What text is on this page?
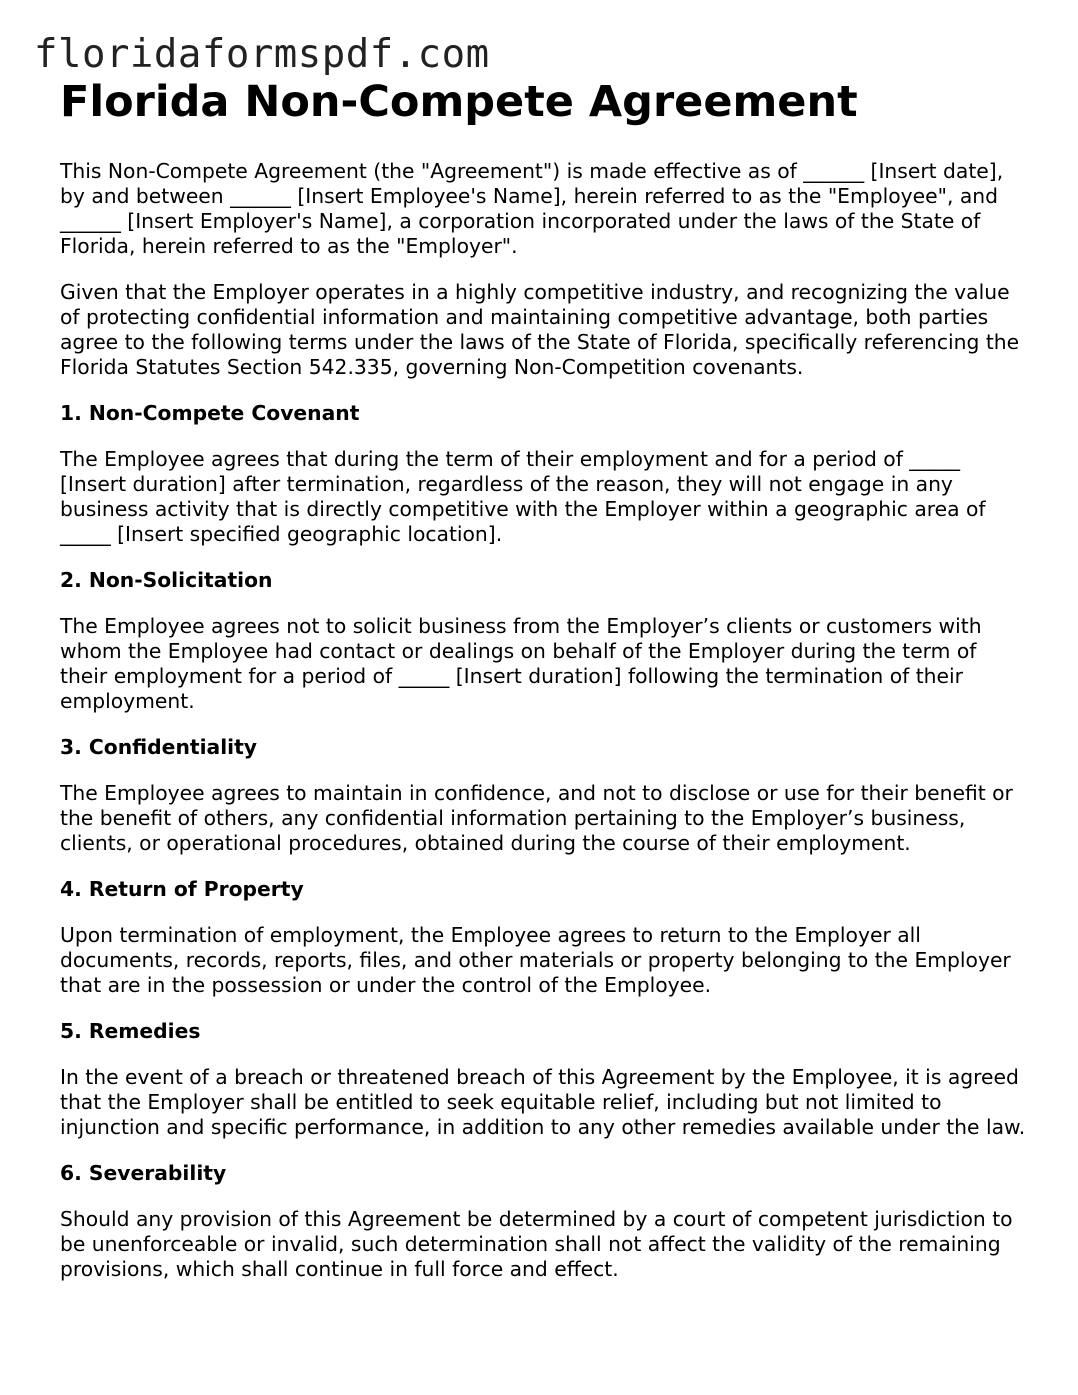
floridaformspdf.com
Florida Non-Compete Agreement

This Non-Compete Agreement (the "Agreement") is made effective as of ______ [Insert date], by and between ______ [Insert Employee's Name], herein referred to as the "Employee", and ______ [Insert Employer's Name], a corporation incorporated under the laws of the State of Florida, herein referred to as the "Employer".

Given that the Employer operates in a highly competitive industry, and recognizing the value of protecting confidential information and maintaining competitive advantage, both parties agree to the following terms under the laws of the State of Florida, specifically referencing the Florida Statutes Section 542.335, governing Non-Competition covenants.

1. Non-Compete Covenant

The Employee agrees that during the term of their employment and for a period of _____ [Insert duration] after termination, regardless of the reason, they will not engage in any business activity that is directly competitive with the Employer within a geographic area of _____ [Insert specified geographic location].

2. Non-Solicitation

The Employee agrees not to solicit business from the Employer’s clients or customers with whom the Employee had contact or dealings on behalf of the Employer during the term of their employment for a period of _____ [Insert duration] following the termination of their employment.

3. Confidentiality

The Employee agrees to maintain in confidence, and not to disclose or use for their benefit or the benefit of others, any confidential information pertaining to the Employer’s business, clients, or operational procedures, obtained during the course of their employment.

4. Return of Property

Upon termination of employment, the Employee agrees to return to the Employer all documents, records, reports, files, and other materials or property belonging to the Employer that are in the possession or under the control of the Employee.

5. Remedies

In the event of a breach or threatened breach of this Agreement by the Employee, it is agreed that the Employer shall be entitled to seek equitable relief, including but not limited to injunction and specific performance, in addition to any other remedies available under the law.

6. Severability

Should any provision of this Agreement be determined by a court of competent jurisdiction to be unenforceable or invalid, such determination shall not affect the validity of the remaining provisions, which shall continue in full force and effect.
